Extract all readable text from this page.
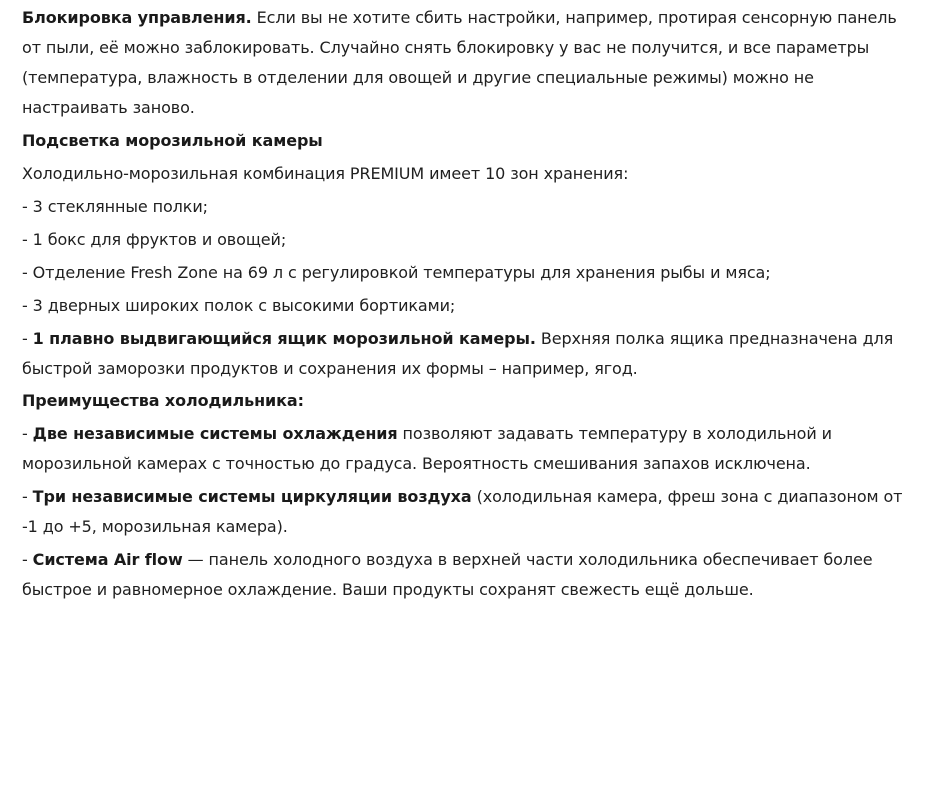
Блокировка управления. Если вы не хотите сбить настройки, например, протирая сенсорную панель от пыли, её можно заблокировать. Случайно снять блокировку у вас не получится, и все параметры (температура, влажность в отделении для овощей и другие специальные режимы) можно не настраивать заново.

Подсветка морозильной камеры

Холодильно-морозильная комбинация PREMIUM имеет 10 зон хранения:

- 3 стеклянные полки;

- 1 бокс для фруктов и овощей;

- Отделение Fresh Zone на 69 л с регулировкой температуры для хранения рыбы и мяса;

- 3 дверных широких полок с высокими бортиками;

- 1 плавно выдвигающийся ящик морозильной камеры. Верхняя полка ящика предназначена для быстрой заморозки продуктов и сохранения их формы – например, ягод.

Преимущества холодильника:

- Две независимые системы охлаждения позволяют задавать температуру в холодильной и морозильной камерах с точностью до градуса. Вероятность смешивания запахов исключена.

- Три независимые системы циркуляции воздуха (холодильная камера, фреш зона с диапазоном от -1 до +5, морозильная камера).

- Система Air flow — панель холодного воздуха в верхней части холодильника обеспечивает более быстрое и равномерное охлаждение. Ваши продукты сохранят свежесть ещё дольше.
